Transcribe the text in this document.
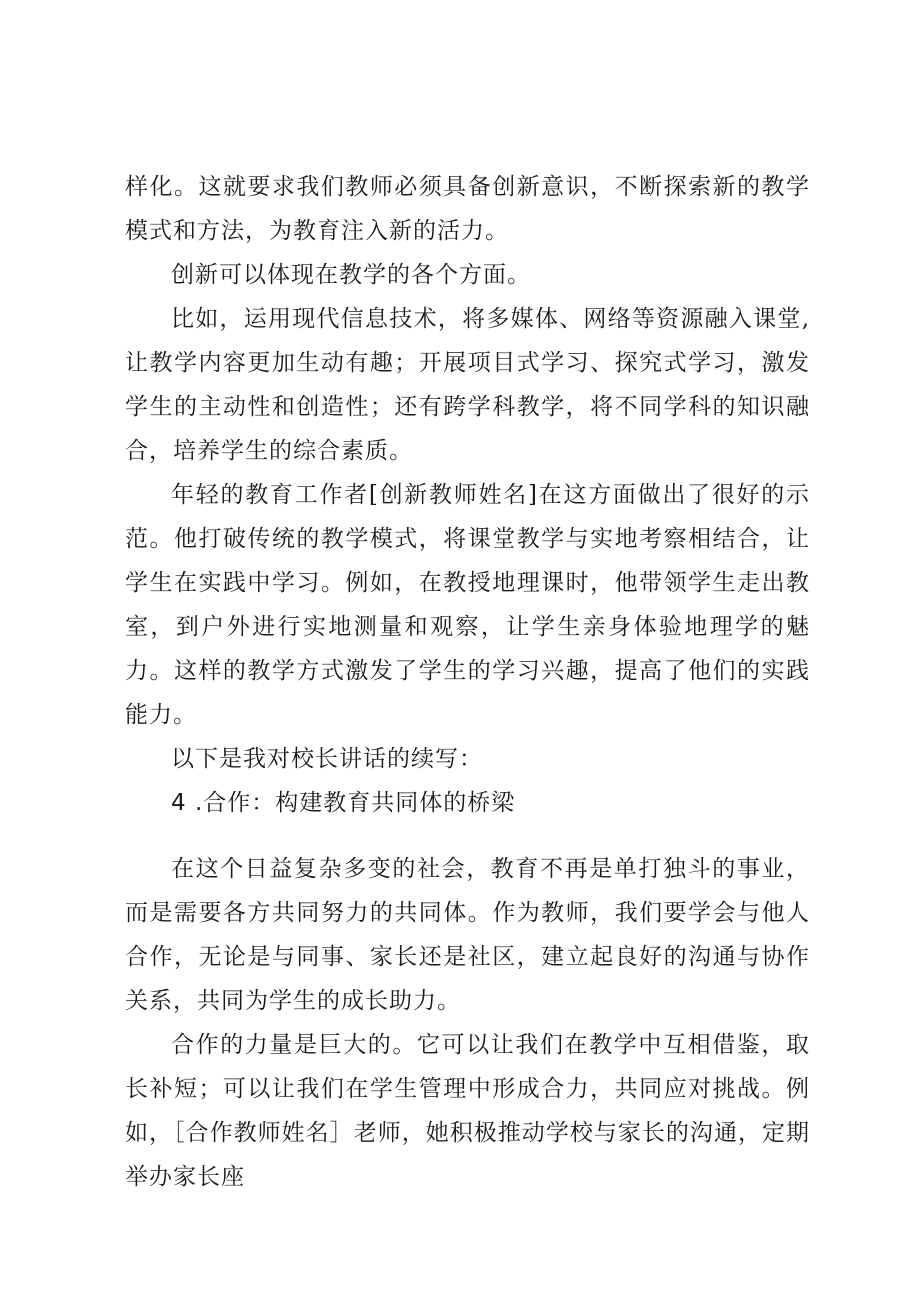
样化。这就要求我们教师必须具备创新意识，不断探索新的教学模式和方法，为教育注入新的活力。

创新可以体现在教学的各个方面。

比如，运用现代信息技术，将多媒体、网络等资源融入课堂,让教学内容更加生动有趣；开展项目式学习、探究式学习，激发学生的主动性和创造性；还有跨学科教学，将不同学科的知识融合，培养学生的综合素质。

年轻的教育工作者[创新教师姓名]在这方面做出了很好的示范。他打破传统的教学模式，将课堂教学与实地考察相结合，让学生在实践中学习。例如，在教授地理课时，他带领学生走出教室，到户外进行实地测量和观察，让学生亲身体验地理学的魅力。这样的教学方式激发了学生的学习兴趣，提高了他们的实践能力。

以下是我对校长讲话的续写：

4 .合作：构建教育共同体的桥梁

在这个日益复杂多变的社会，教育不再是单打独斗的事业，而是需要各方共同努力的共同体。作为教师，我们要学会与他人合作，无论是与同事、家长还是社区，建立起良好的沟通与协作关系，共同为学生的成长助力。

合作的力量是巨大的。它可以让我们在教学中互相借鉴，取长补短；可以让我们在学生管理中形成合力，共同应对挑战。例如，［合作教师姓名］老师，她积极推动学校与家长的沟通，定期举办家长座
